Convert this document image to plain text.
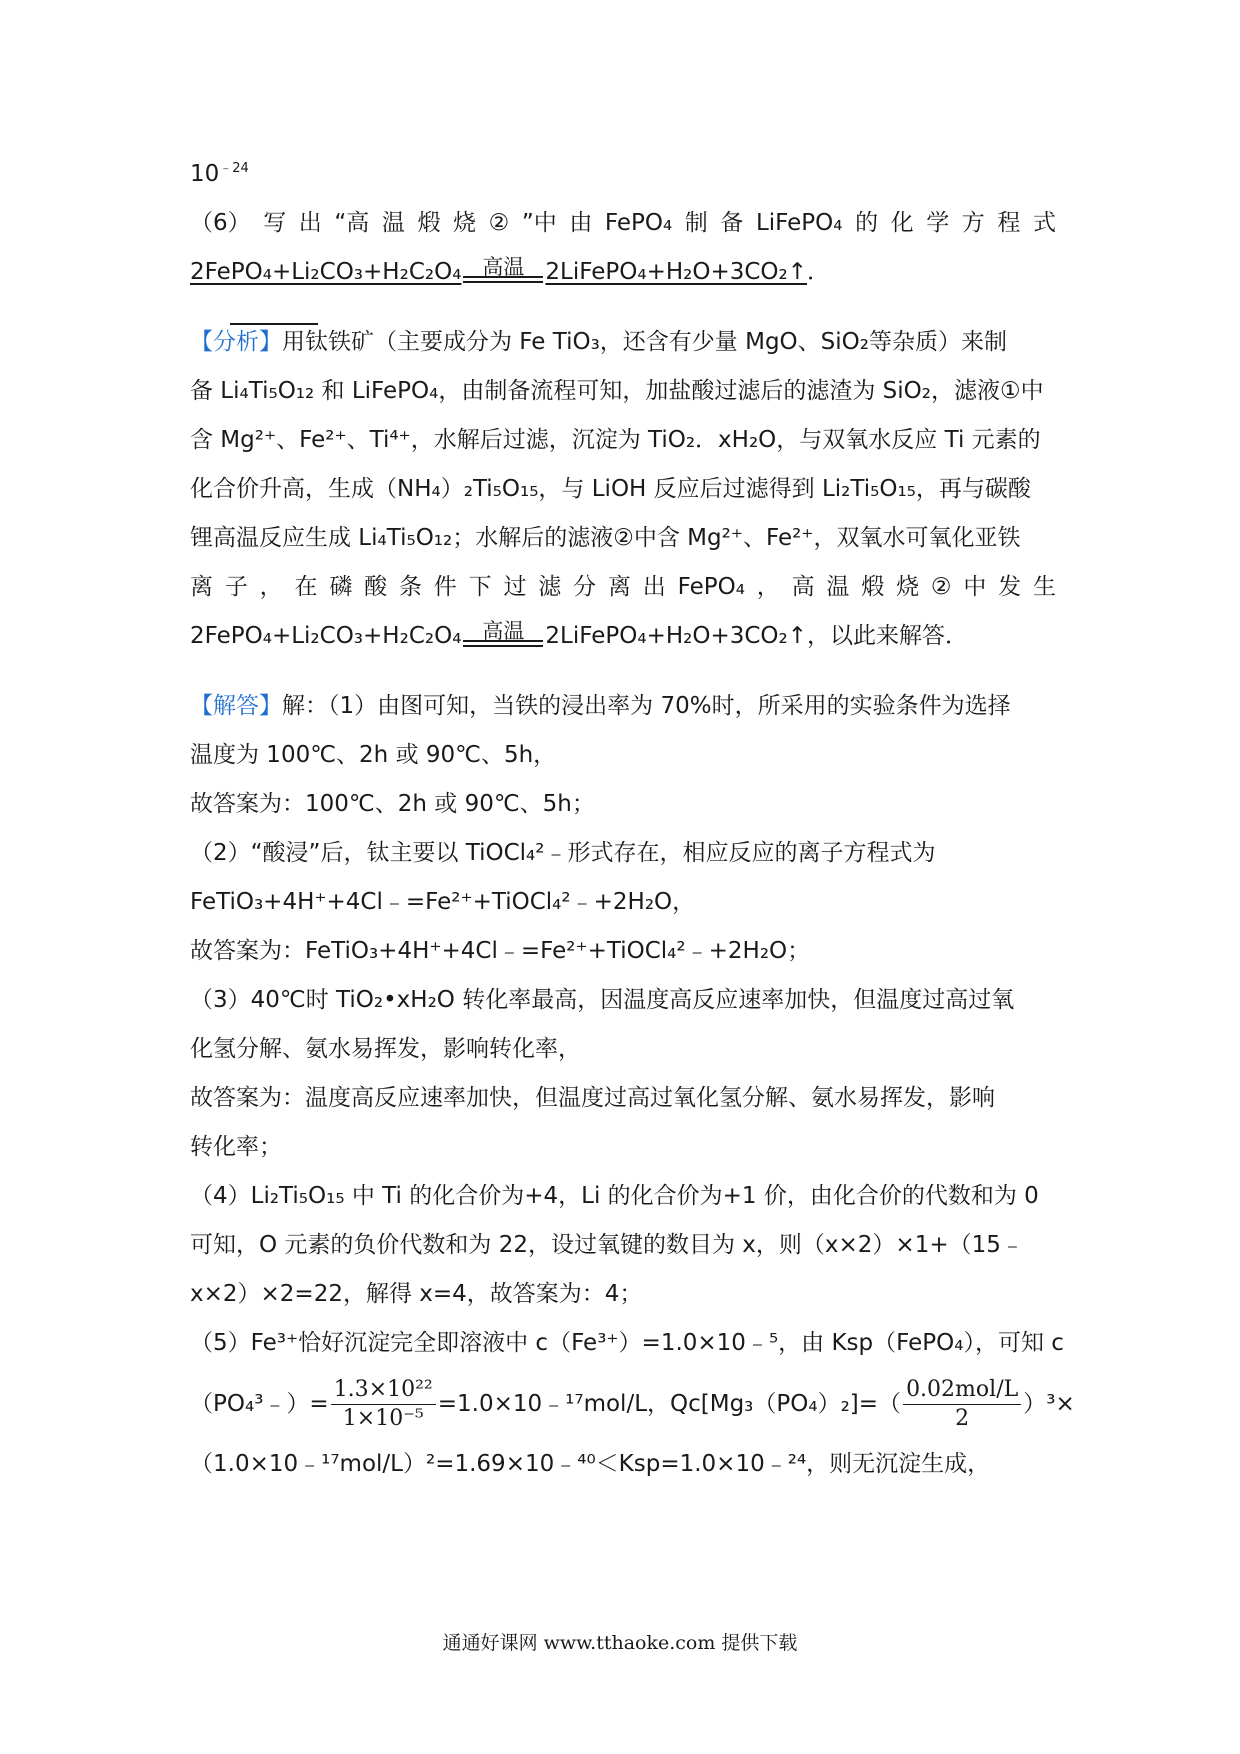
$10^{﹣24}$
（6） 写 出 “高 温 煅 烧 ② ”中 由 FePO₄ 制 备 LiFePO₄ 的 化 学 方 程 式
2FePO₄+Li₂CO₃+H₂C₂O₄	高温 2LiFePO₄+H₂O+3CO₂↑．
【分析】用钛铁矿（主要成分为 Fe TiO₃，还含有少量 MgO、SiO₂等杂质）来制
备 Li₄Ti₅O₁₂ 和 LiFePO₄，由制备流程可知，加盐酸过滤后的滤渣为 SiO₂，滤液①中
含 Mg²⁺、Fe²⁺、Ti⁴⁺，水解后过滤，沉淀为 TiO₂．xH₂O，与双氧水反应 Ti 元素的
化合价升高，生成（NH₄）₂Ti₅O₁₅，与 LiOH 反应后过滤得到 Li₂Ti₅O₁₅，再与碳酸
锂高温反应生成 Li₄Ti₅O₁₂；水解后的滤液②中含 Mg²⁺、Fe²⁺，双氧水可氧化亚铁
离 子 ， 在 磷 酸 条 件 下 过 滤 分 离 出 FePO₄ ， 高 温 煅 烧 ② 中 发 生
2FePO₄+Li₂CO₃+H₂C₂O₄	高温 2LiFePO₄+H₂O+3CO₂↑，以此来解答．
【解答】解：（1）由图可知，当铁的浸出率为 70%时，所采用的实验条件为选择
温度为 100℃、2h 或 90℃、5h，
故答案为：100℃、2h 或 90℃、5h；
（2）“酸浸”后，钛主要以 TiOCl₄²﹣形式存在，相应反应的离子方程式为
FeTiO₃+4H⁺+4Cl﹣=Fe²⁺+TiOCl₄²﹣+2H₂O，
故答案为：FeTiO₃+4H⁺+4Cl﹣=Fe²⁺+TiOCl₄²﹣+2H₂O；
（3）40℃时 TiO₂•xH₂O 转化率最高，因温度高反应速率加快，但温度过高过氧
化氢分解、氨水易挥发，影响转化率，
故答案为：温度高反应速率加快，但温度过高过氧化氢分解、氨水易挥发，影响
转化率；
（4）Li₂Ti₅O₁₅ 中 Ti 的化合价为+4，Li 的化合价为+1 价，由化合价的代数和为 0
可知，O 元素的负价代数和为 22，设过氧键的数目为 x，则（x×2）×1+（15﹣
x×2）×2=22，解得 x=4，故答案为：4；
（5）Fe³⁺恰好沉淀完全即溶液中 c（Fe³⁺）=1.0×10﹣⁵，由 Ksp（FePO₄），可知 c
（PO₄³﹣）= $\frac{\text{1.3×10²²}}{\text{1×10⁻⁵}}$ =1.0×10﹣¹⁷mol/L，$Qc[Mg_3(PO_4)_2]=( \frac{\text{0.02mol/L}}{2} )^3\times$
（1.0×10﹣¹⁷mol/L）²=1.69×10﹣⁴⁰＜Ksp=1.0×10﹣²⁴，则无沉淀生成，
通通好课网 www.tthaoke.com 提供下载
